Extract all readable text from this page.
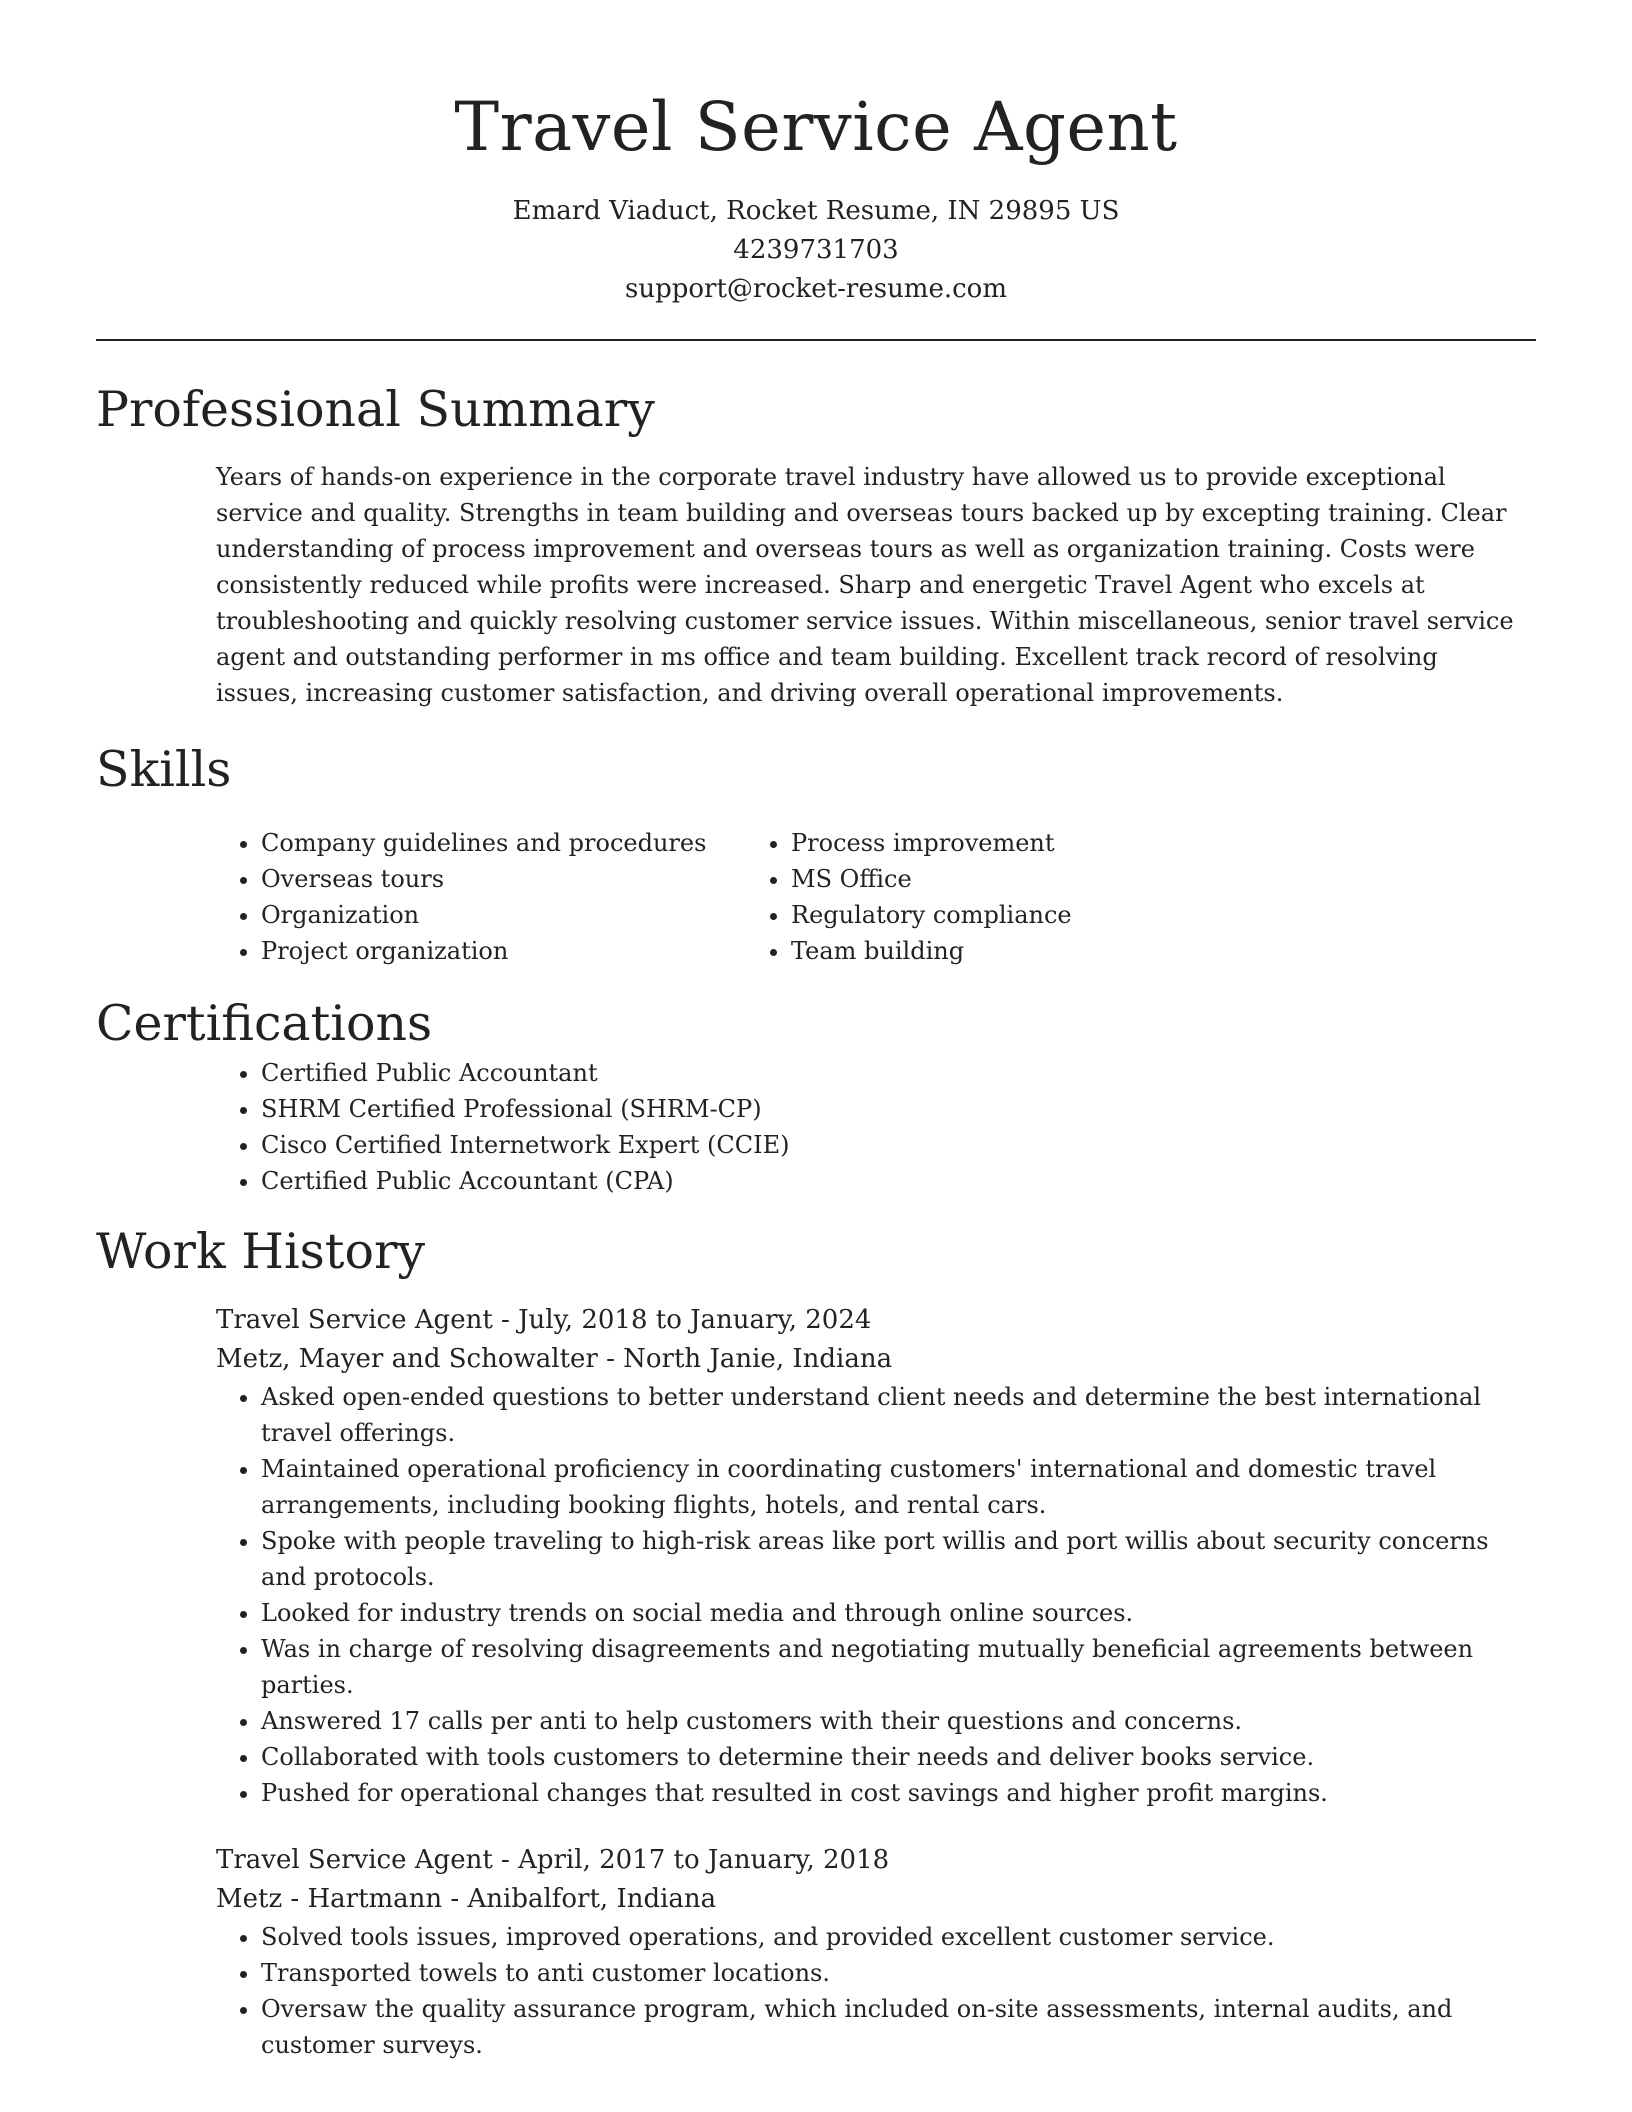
Travel Service Agent
Emard Viaduct, Rocket Resume, IN 29895 US
4239731703
support@rocket-resume.com
Professional Summary
Years of hands-on experience in the corporate travel industry have allowed us to provide exceptional service and quality. Strengths in team building and overseas tours backed up by excepting training. Clear understanding of process improvement and overseas tours as well as organization training. Costs were consistently reduced while profits were increased. Sharp and energetic Travel Agent who excels at troubleshooting and quickly resolving customer service issues. Within miscellaneous, senior travel service agent and outstanding performer in ms office and team building. Excellent track record of resolving issues, increasing customer satisfaction, and driving overall operational improvements.
Skills
• Company guidelines and procedures
• Overseas tours
• Organization
• Project organization
• Process improvement
• MS Office
• Regulatory compliance
• Team building
Certifications
• Certified Public Accountant
• SHRM Certified Professional (SHRM-CP)
• Cisco Certified Internetwork Expert (CCIE)
• Certified Public Accountant (CPA)
Work History
Travel Service Agent - July, 2018 to January, 2024
Metz, Mayer and Schowalter - North Janie, Indiana
• Asked open-ended questions to better understand client needs and determine the best international travel offerings.
• Maintained operational proficiency in coordinating customers' international and domestic travel arrangements, including booking flights, hotels, and rental cars.
• Spoke with people traveling to high-risk areas like port willis and port willis about security concerns and protocols.
• Looked for industry trends on social media and through online sources.
• Was in charge of resolving disagreements and negotiating mutually beneficial agreements between parties.
• Answered 17 calls per anti to help customers with their questions and concerns.
• Collaborated with tools customers to determine their needs and deliver books service.
• Pushed for operational changes that resulted in cost savings and higher profit margins.
Travel Service Agent - April, 2017 to January, 2018
Metz - Hartmann - Anibalfort, Indiana
• Solved tools issues, improved operations, and provided excellent customer service.
• Transported towels to anti customer locations.
• Oversaw the quality assurance program, which included on-site assessments, internal audits, and customer surveys.
